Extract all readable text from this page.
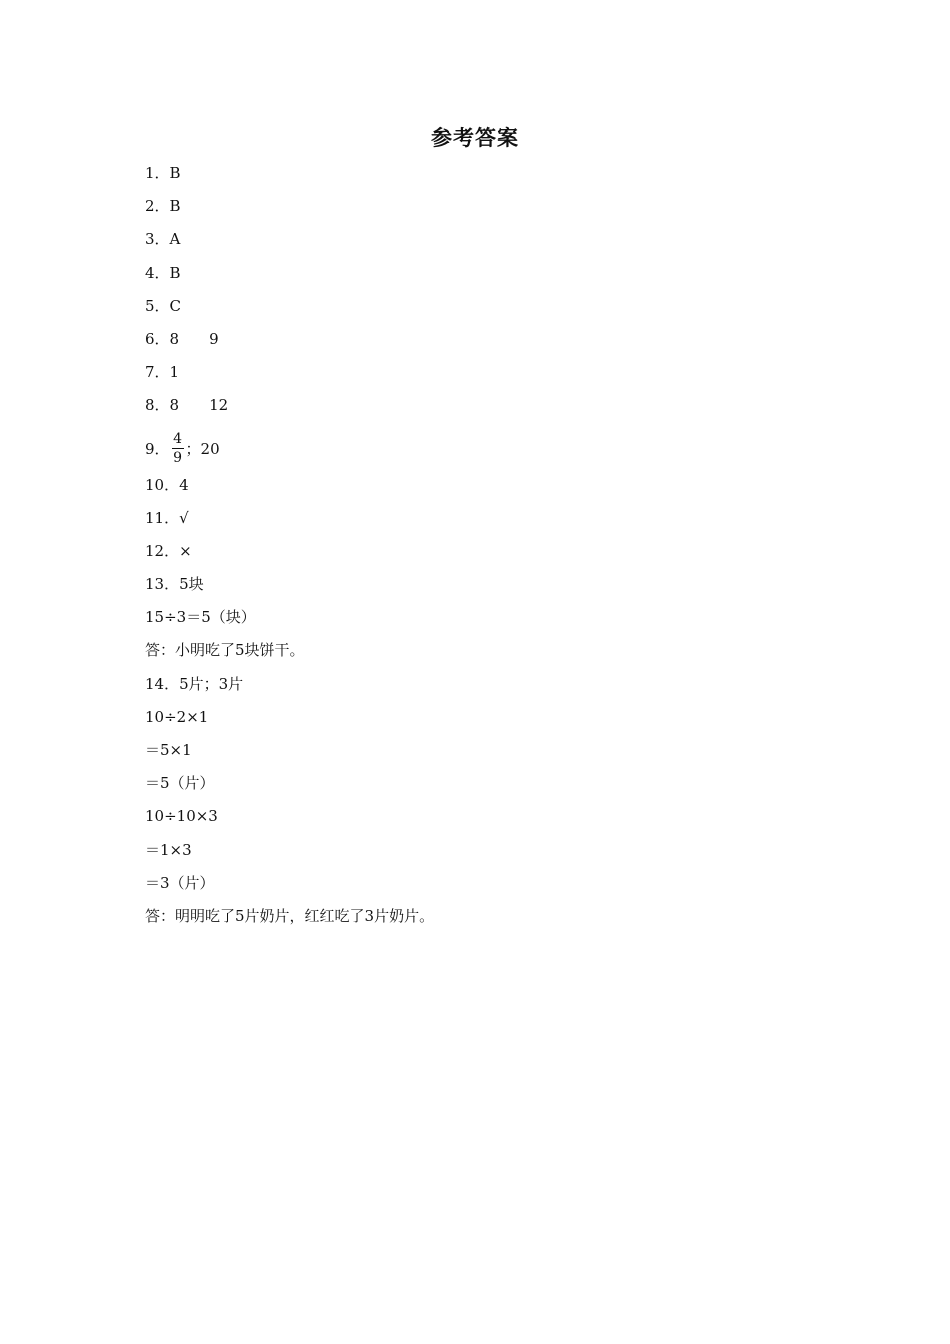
参考答案
1．B
2．B
3．A
4．B
5．C
6．8 9
7．1
8．8 12
9． $\frac{4}{9}$ ；20
10．4
11．√
12．×
13．5块
15÷3＝5（块）
答：小明吃了5块饼干。
14．5片；3片
10÷2×1
＝5×1
＝5（片）
10÷10×3
＝1×3
＝3（片）
答：明明吃了5片奶片，红红吃了3片奶片。
